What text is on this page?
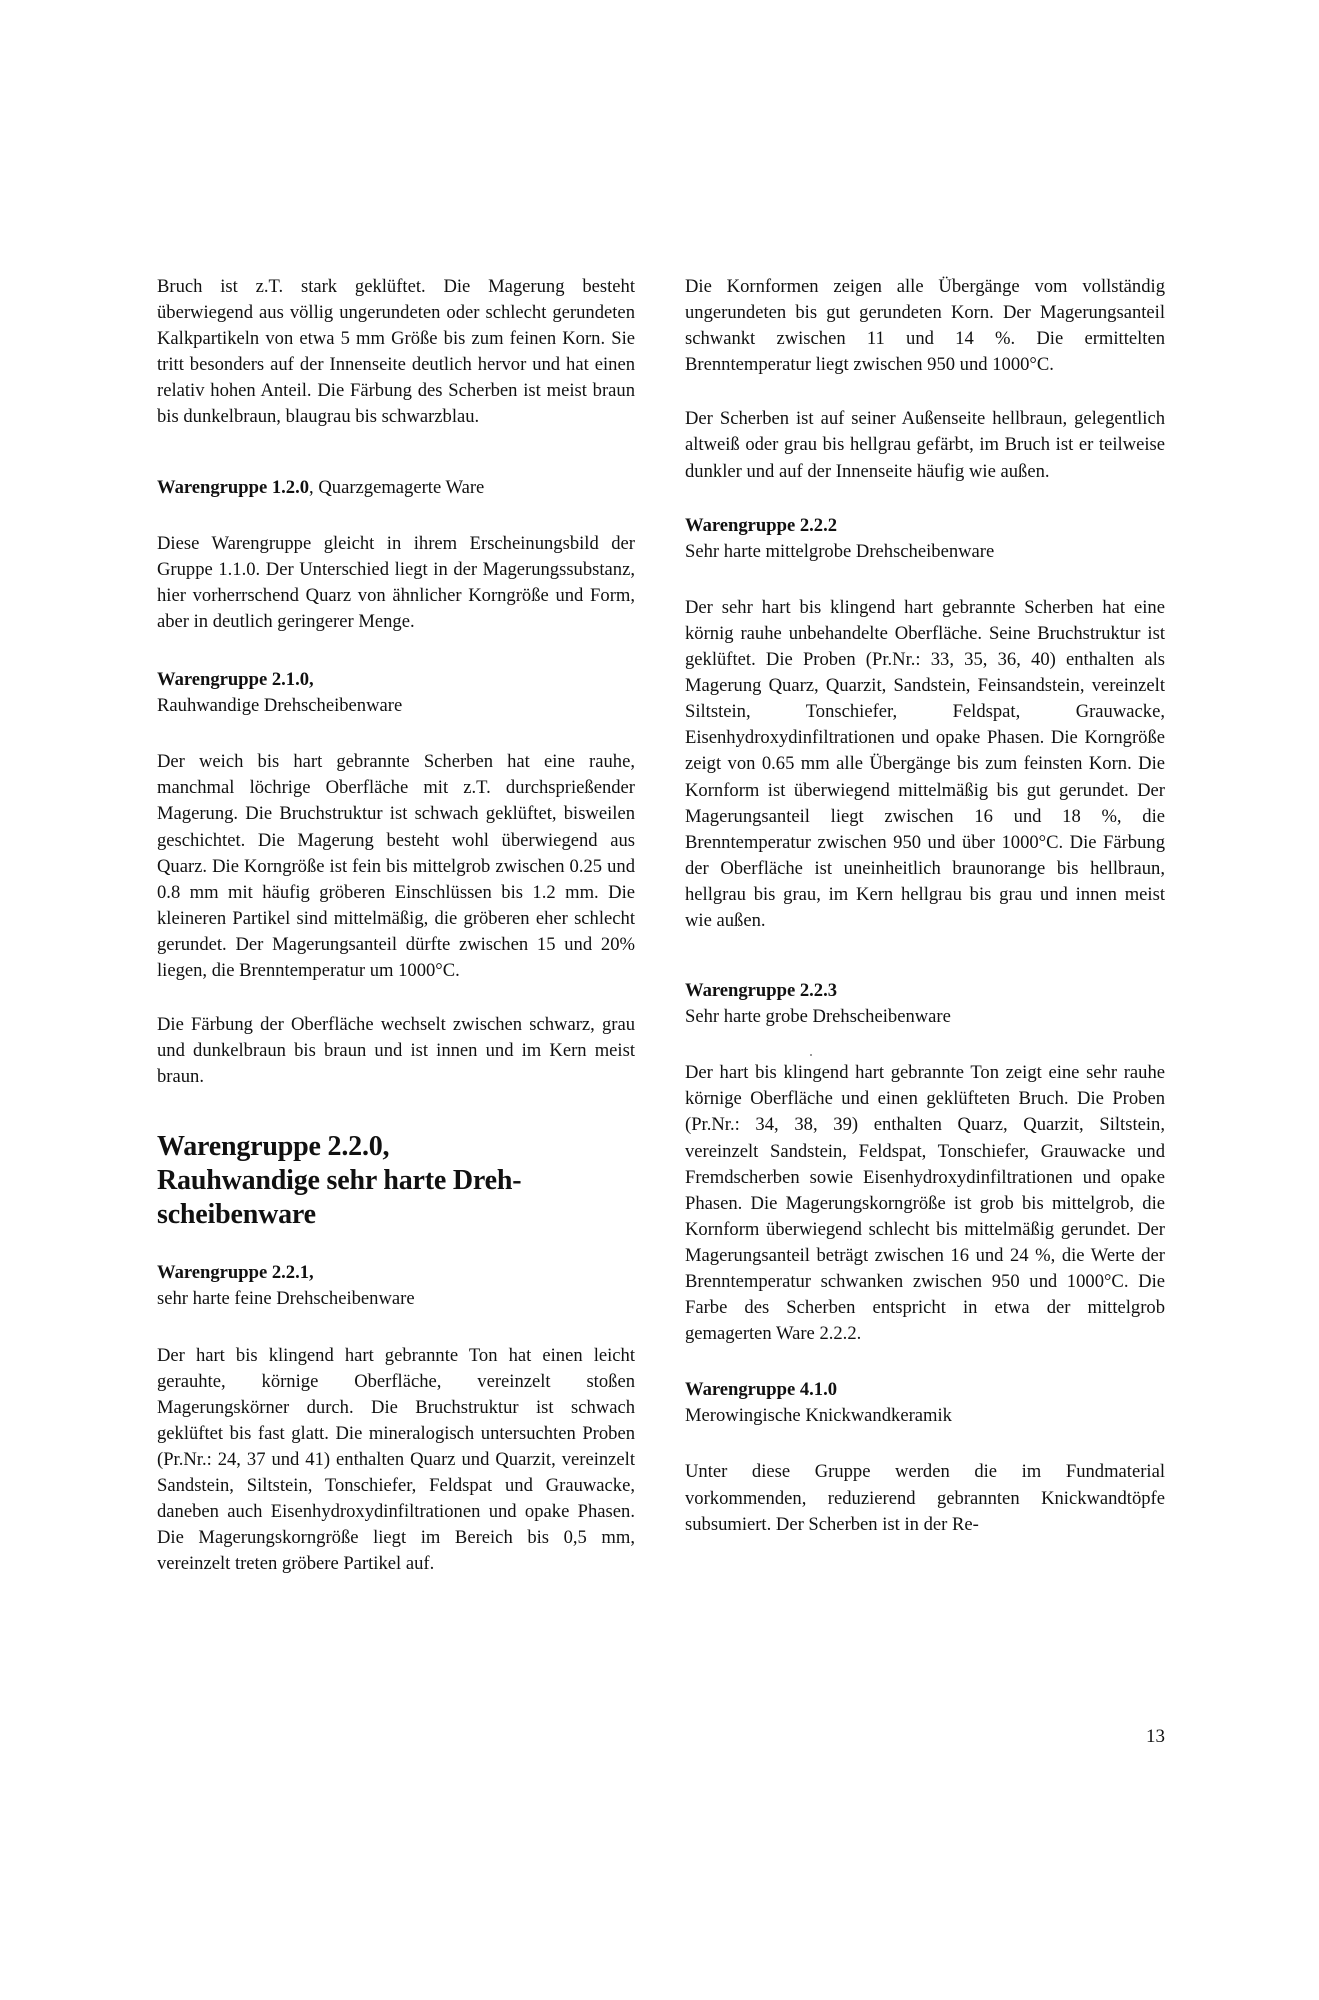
Bruch ist z.T. stark geklüftet. Die Magerung besteht überwiegend aus völlig ungerundeten oder schlecht gerundeten Kalkpartikeln von etwa 5 mm Größe bis zum feinen Korn. Sie tritt besonders auf der Innenseite deutlich hervor und hat einen relativ hohen Anteil. Die Färbung des Scherben ist meist braun bis dunkelbraun, blaugrau bis schwarzblau.

Warengruppe 1.2.0, Quarzgemagerte Ware

Diese Warengruppe gleicht in ihrem Erscheinungsbild der Gruppe 1.1.0. Der Unterschied liegt in der Magerungssubstanz, hier vorherrschend Quarz von ähnlicher Korngröße und Form, aber in deutlich geringerer Menge.

Warengruppe 2.1.0,

Rauhwandige Drehscheibenware

Der weich bis hart gebrannte Scherben hat eine rauhe, manchmal löchrige Oberfläche mit z.T. durchsprießender Magerung. Die Bruchstruktur ist schwach geklüftet, bisweilen geschichtet. Die Magerung besteht wohl überwiegend aus Quarz. Die Korngröße ist fein bis mittelgrob zwischen 0.25 und 0.8 mm mit häufig gröberen Einschlüssen bis 1.2 mm. Die kleineren Partikel sind mittelmäßig, die gröberen eher schlecht gerundet. Der Magerungsanteil dürfte zwischen 15 und 20% liegen, die Brenntemperatur um 1000°C.

Die Färbung der Oberfläche wechselt zwischen schwarz, grau und dunkelbraun bis braun und ist innen und im Kern meist braun.

Warengruppe 2.2.0,
Rauhwandige sehr harte Dreh-
scheibenware

Warengruppe 2.2.1,

sehr harte feine Drehscheibenware

Der hart bis klingend hart gebrannte Ton hat einen leicht gerauhte, körnige Oberfläche, vereinzelt stoßen Magerungskörner durch. Die Bruchstruktur ist schwach geklüftet bis fast glatt. Die mineralogisch untersuchten Proben (Pr.Nr.: 24, 37 und 41) enthalten Quarz und Quarzit, vereinzelt Sandstein, Siltstein, Tonschiefer, Feldspat und Grauwacke, daneben auch Eisenhydroxydinfiltrationen und opake Phasen. Die Magerungskorngröße liegt im Bereich bis 0,5 mm, vereinzelt treten gröbere Partikel auf.

Die Kornformen zeigen alle Übergänge vom vollständig ungerundeten bis gut gerundeten Korn. Der Magerungsanteil schwankt zwischen 11 und 14 %. Die ermittelten Brenntemperatur liegt zwischen 950 und 1000°C.

Der Scherben ist auf seiner Außenseite hellbraun, gelegentlich altweiß oder grau bis hellgrau gefärbt, im Bruch ist er teilweise dunkler und auf der Innenseite häufig wie außen.

Warengruppe 2.2.2

Sehr harte mittelgrobe Drehscheibenware

Der sehr hart bis klingend hart gebrannte Scherben hat eine körnig rauhe unbehandelte Oberfläche. Seine Bruchstruktur ist geklüftet. Die Proben (Pr.Nr.: 33, 35, 36, 40) enthalten als Magerung Quarz, Quarzit, Sandstein, Feinsandstein, vereinzelt Siltstein, Tonschiefer, Feldspat, Grauwacke, Eisenhydroxydinfiltrationen und opake Phasen. Die Korngröße zeigt von 0.65 mm alle Übergänge bis zum feinsten Korn. Die Kornform ist überwiegend mittelmäßig bis gut gerundet. Der Magerungsanteil liegt zwischen 16 und 18 %, die Brenntemperatur zwischen 950 und über 1000°C. Die Färbung der Oberfläche ist uneinheitlich braunorange bis hellbraun, hellgrau bis grau, im Kern hellgrau bis grau und innen meist wie außen.

Warengruppe 2.2.3

Sehr harte grobe Drehscheibenware

Der hart bis klingend hart gebrannte Ton zeigt eine sehr rauhe körnige Oberfläche und einen geklüfteten Bruch. Die Proben (Pr.Nr.: 34, 38, 39) enthalten Quarz, Quarzit, Siltstein, vereinzelt Sandstein, Feldspat, Tonschiefer, Grauwacke und Fremdscherben sowie Eisenhydroxydinfiltrationen und opake Phasen. Die Magerungskorngröße ist grob bis mittelgrob, die Kornform überwiegend schlecht bis mittelmäßig gerundet. Der Magerungsanteil beträgt zwischen 16 und 24 %, die Werte der Brenntemperatur schwanken zwischen 950 und 1000°C. Die Farbe des Scherben entspricht in etwa der mittelgrob gemagerten Ware 2.2.2.

Warengruppe 4.1.0

Merowingische Knickwandkeramik

Unter diese Gruppe werden die im Fundmaterial vorkommenden, reduzierend gebrannten Knickwandtöpfe subsumiert. Der Scherben ist in der Re-

13
